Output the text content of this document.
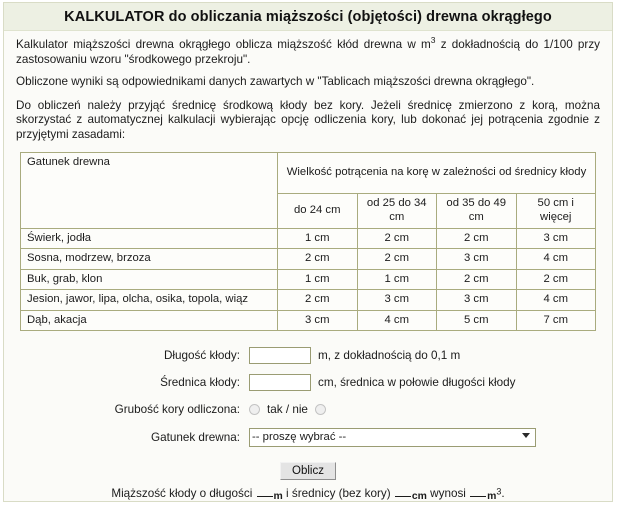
KALKULATOR do obliczania miąższości (objętości) drewna okrągłego

Kalkulator miąższości drewna okrągłego oblicza miąższość kłód drewna w $m^3$ z dokładnością do 1/100 przy zastosowaniu wzoru "środkowego przekroju".

Obliczone wyniki są odpowiednikami danych zawartych w "Tablicach miąższości drewna okrągłego".

Do obliczeń należy przyjąć średnicę środkową kłody bez kory. Jeżeli średnicę zmierzono z korą, można skorzystać z automatycznej kalkulacji wybierając opcję odliczenia kory, lub dokonać jej potrącenia zgodnie z przyjętymi zasadami:

Gatunek drewna	Wielkość potrącenia na korę w zależności od średnicy kłody			
	do 24 cm	od 25 do 34 cm	od 35 do 49 cm	50 cm i więcej
Świerk, jodła	1 cm	2 cm	2 cm	3 cm
Sosna, modrzew, brzoza	2 cm	2 cm	3 cm	4 cm
Buk, grab, klon	1 cm	1 cm	2 cm	2 cm
Jesion, jawor, lipa, olcha, osika, topola, wiąz	2 cm	3 cm	3 cm	4 cm
Dąb, akacja	3 cm	4 cm	5 cm	7 cm
Długość kłody:	m, z dokładnością do 0,1 m
Średnica kłody:	cm, średnica w połowie długości kłody
Grubość kory odliczona:	tak / nie
Gatunek drewna:
-- proszę wybrać --
Oblicz
Miąższość kłody o długości m i średnicy (bez kory) cm wynosi $m^3$.
